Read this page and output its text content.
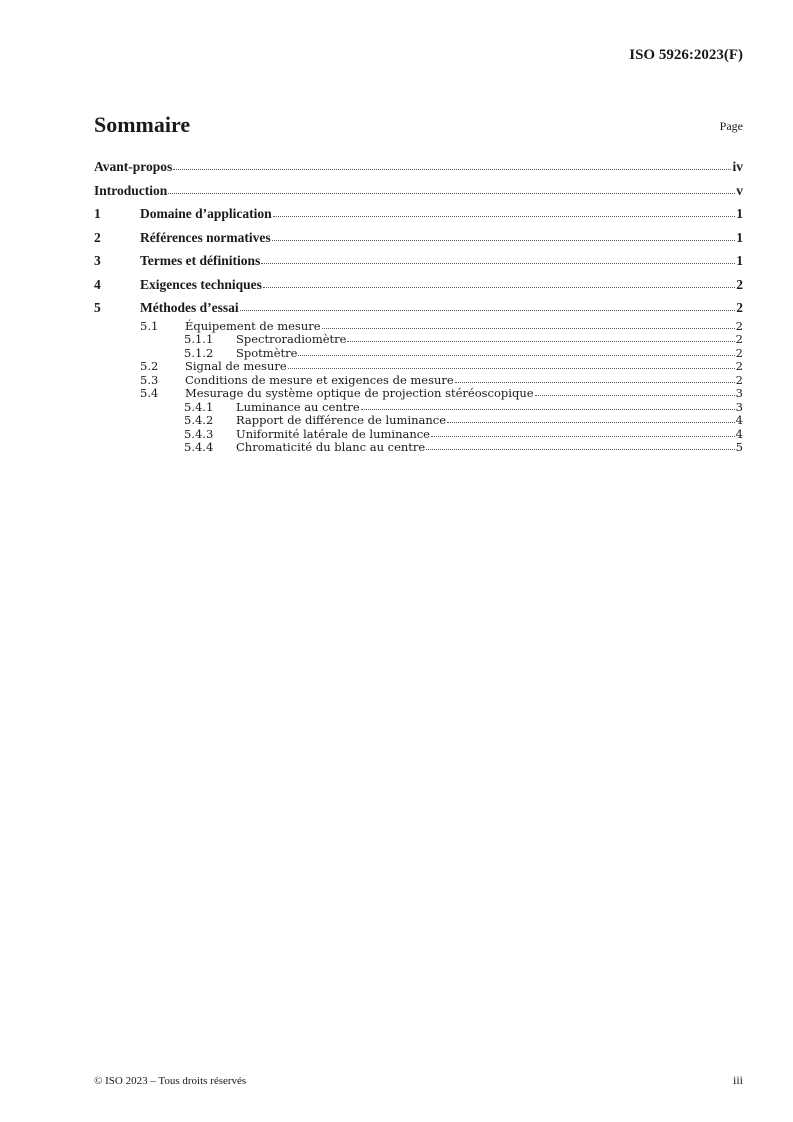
ISO 5926:2023(F)
Sommaire	Page
Avant-propos	iv
Introduction	v
1	Domaine d’application	1
2	Références normatives	1
3	Termes et définitions	1
4	Exigences techniques	2
5	Méthodes d’essai	2
5.1	Équipement de mesure	2
5.1.1	Spectroradiomètre	2
5.1.2	Spotmètre	2
5.2	Signal de mesure	2
5.3	Conditions de mesure et exigences de mesure	2
5.4	Mesurage du système optique de projection stéréoscopique	3
5.4.1	Luminance au centre	3
5.4.2	Rapport de différence de luminance	4
5.4.3	Uniformité latérale de luminance	4
5.4.4	Chromaticité du blanc au centre	5
© ISO 2023 – Tous droits réservés	iii
